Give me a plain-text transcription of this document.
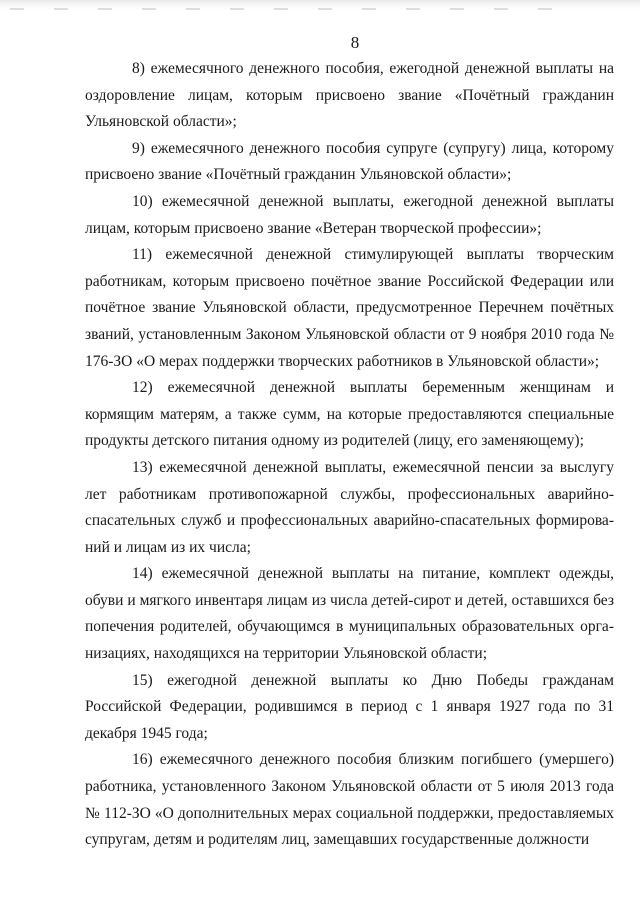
8

8) ежемесячного денежного пособия, ежегодной денежной выплаты на оздоровление лицам, которым присвоено звание «Почётный гражданин Ульяновской области»;

9) ежемесячного денежного пособия супруге (супругу) лица, которому присвоено звание «Почётный гражданин Ульяновской области»;

10) ежемесячной денежной выплаты, ежегодной денежной выплаты лицам, которым присвоено звание «Ветеран творческой профессии»;

11) ежемесячной денежной стимулирующей выплаты творческим работникам, которым присвоено почётное звание Российской Федерации или почётное звание Ульяновской области, предусмотренное Перечнем почётных званий, установленным Законом Ульяновской области от 9 ноября 2010 года № 176-ЗО «О мерах поддержки творческих работников в Ульяновской области»;

12) ежемесячной денежной выплаты беременным женщинам и кормящим матерям, а также сумм, на которые предоставляются специальные продукты детского питания одному из родителей (лицу, его заменяющему);

13) ежемесячной денежной выплаты, ежемесячной пенсии за выслугу лет работникам противопожарной службы, профессиональных аварийно-спасательных служб и профессиональных аварийно-спасательных формирований и лицам из их числа;

14) ежемесячной денежной выплаты на питание, комплект одежды, обуви и мягкого инвентаря лицам из числа детей-сирот и детей, оставшихся без попечения родителей, обучающимся в муниципальных образовательных организациях, находящихся на территории Ульяновской области;

15) ежегодной денежной выплаты ко Дню Победы гражданам Российской Федерации, родившимся в период с 1 января 1927 года по 31 декабря 1945 года;

16) ежемесячного денежного пособия близким погибшего (умершего) работника, установленного Законом Ульяновской области от 5 июля 2013 года № 112-ЗО «О дополнительных мерах социальной поддержки, предоставляемых супругам, детям и родителям лиц, замещавших государственные должности
